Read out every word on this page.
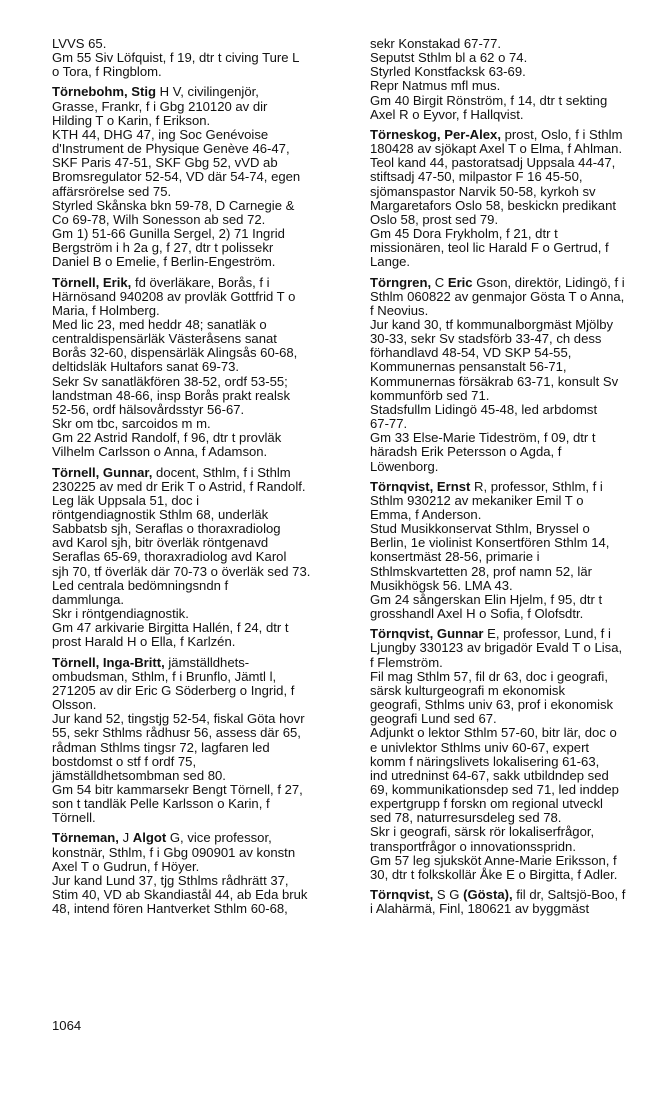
LVVS 65.
Gm 55 Siv Löfquist, f 19, dtr t civing Ture L
o Tora, f Ringblom.
Törnebohm, Stig H V, civilingenjör,
Grasse, Frankr, f i Gbg 210120 av dir
Hilding T o Karin, f Erikson.
KTH 44, DHG 47, ing Soc Genévoise
d'Instrument de Physique Genève 46-47,
SKF Paris 47-51, SKF Gbg 52, vVD ab
Bromsregulator 52-54, VD där 54-74, egen
affärsrörelse sed 75.
Styrled Skånska bkn 59-78, D Carnegie &
Co 69-78, Wilh Sonesson ab sed 72.
Gm 1) 51-66 Gunilla Sergel, 2) 71 Ingrid
Bergström i h 2a g, f 27, dtr t polissekr
Daniel B o Emelie, f Berlin-Engeström.
Törnell, Erik, fd överläkare, Borås, f i
Härnösand 940208 av provläk Gottfrid T o
Maria, f Holmberg.
Med lic 23, med heddr 48; sanatläk o
centraldispensärläk Västeråsens sanat
Borås 32-60, dispensärläk Alingsås 60-68,
deltidsläk Hultafors sanat 69-73.
Sekr Sv sanatläkfören 38-52, ordf 53-55;
landstman 48-66, insp Borås prakt realsk
52-56, ordf hälsovårdsstyr 56-67.
Skr om tbc, sarcoidos m m.
Gm 22 Astrid Randolf, f 96, dtr t provläk
Vilhelm Carlsson o Anna, f Adamson.
Törnell, Gunnar, docent, Sthlm, f i Sthlm
230225 av med dr Erik T o Astrid, f Randolf.
Leg läk Uppsala 51, doc i
röntgendiagnostik Sthlm 68, underläk
Sabbatsb sjh, Seraflas o thoraxradiolog
avd Karol sjh, bitr överläk röntgenavd
Seraflas 65-69, thoraxradiolog avd Karol
sjh 70, tf överläk där 70-73 o överläk sed 73.
Led centrala bedömningsndn f
dammlunga.
Skr i röntgendiagnostik.
Gm 47 arkivarie Birgitta Hallén, f 24, dtr t
prost Harald H o Ella, f Karlzén.
Törnell, Inga-Britt, jämställdhets-
ombudsman, Sthlm, f i Brunflo, Jämtl l,
271205 av dir Eric G Söderberg o Ingrid, f
Olsson.
Jur kand 52, tingstjg 52-54, fiskal Göta hovr
55, sekr Sthlms rådhusr 56, assess där 65,
rådman Sthlms tingsr 72, lagfaren led
bostdomst o stf f ordf 75,
jämställdhetsombman sed 80.
Gm 54 bitr kammarsekr Bengt Törnell, f 27,
son t tandläk Pelle Karlsson o Karin, f
Törnell.
Törneman, J Algot G, vice professor,
konstnär, Sthlm, f i Gbg 090901 av konstn
Axel T o Gudrun, f Höyer.
Jur kand Lund 37, tjg Sthlms rådhrätt 37,
Stim 40, VD ab Skandiastål 44, ab Eda bruk
48, intend fören Hantverket Sthlm 60-68,
sekr Konstakad 67-77.
Seputst Sthlm bl a 62 o 74.
Styrled Konstfacksk 63-69.
Repr Natmus mfl mus.
Gm 40 Birgit Rönström, f 14, dtr t sekting
Axel R o Eyvor, f Hallqvist.
Törneskog, Per-Alex, prost, Oslo, f i Sthlm
180428 av sjökapt Axel T o Elma, f Ahlman.
Teol kand 44, pastoratsadj Uppsala 44-47,
stiftsadj 47-50, milpastor F 16 45-50,
sjömanspastor Narvik 50-58, kyrkoh sv
Margaretafors Oslo 58, beskickn predikant
Oslo 58, prost sed 79.
Gm 45 Dora Frykholm, f 21, dtr t
missionären, teol lic Harald F o Gertrud, f
Lange.
Törngren, C Eric Gson, direktör, Lidingö, f i
Sthlm 060822 av genmajor Gösta T o Anna,
f Neovius.
Jur kand 30, tf kommunalborgmäst Mjölby
30-33, sekr Sv stadsförb 33-47, ch dess
förhandlavd 48-54, VD SKP 54-55,
Kommunernas pensanstalt 56-71,
Kommunernas försäkrab 63-71, konsult Sv
kommunförb sed 71.
Stadsfullm Lidingö 45-48, led arbdomst
67-77.
Gm 33 Else-Marie Tideström, f 09, dtr t
häradsh Erik Petersson o Agda, f
Löwenborg.
Törnqvist, Ernst R, professor, Sthlm, f i
Sthlm 930212 av mekaniker Emil T o
Emma, f Anderson.
Stud Musikkonservat Sthlm, Bryssel o
Berlin, 1e violinist Konsertfören Sthlm 14,
konsertmäst 28-56, primarie i
Sthlmskvartetten 28, prof namn 52, lär
Musikhögsk 56. LMA 43.
Gm 24 sångerskan Elin Hjelm, f 95, dtr t
grosshandl Axel H o Sofia, f Olofsdtr.
Törnqvist, Gunnar E, professor, Lund, f i
Ljungby 330123 av brigadör Evald T o Lisa,
f Flemström.
Fil mag Sthlm 57, fil dr 63, doc i geografi,
särsk kulturgeografi m ekonomisk
geografi, Sthlms univ 63, prof i ekonomisk
geografi Lund sed 67.
Adjunkt o lektor Sthlm 57-60, bitr lär, doc o
e univlektor Sthlms univ 60-67, expert
komm f näringslivets lokalisering 61-63,
ind utredninst 64-67, sakk utbildndep sed
69, kommunikationsdep sed 71, led inddep
expertgrupp f forskn om regional utveckl
sed 78, naturresursdeleg sed 78.
Skr i geografi, särsk rör lokaliserfrågor,
transportfrågor o innovationsspridn.
Gm 57 leg sjuksköt Anne-Marie Eriksson, f
30, dtr t folkskollär Åke E o Birgitta, f Adler.
Törnqvist, S G (Gösta), fil dr, Saltsjö-Boo, f
i Alahärmä, Finl, 180621 av byggmäst
1064
